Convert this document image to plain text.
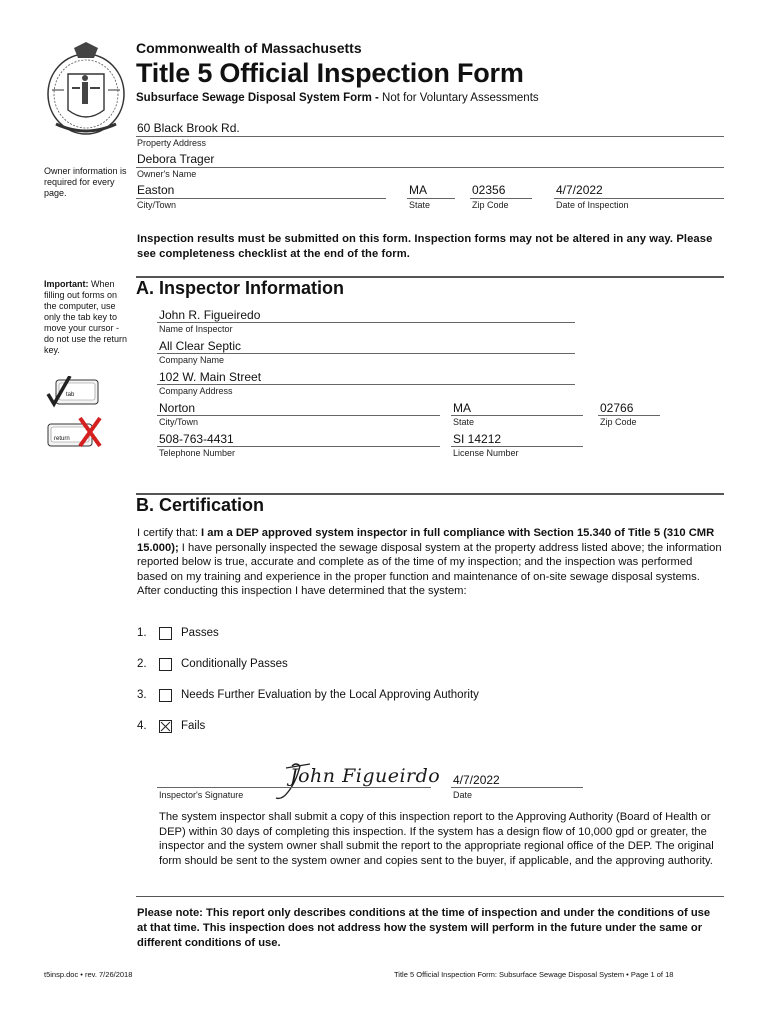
Commonwealth of Massachusetts
Title 5 Official Inspection Form
Subsurface Sewage Disposal System Form - Not for Voluntary Assessments
60 Black Brook Rd.
Property Address
Debora Trager
Owner's Name
Owner information is required for every page.	Easton
City/Town
MA
State
02356
Zip Code
4/7/2022
Date of Inspection
Inspection results must be submitted on this form. Inspection forms may not be altered in any way. Please see completeness checklist at the end of the form.
Important: When filling out forms on the computer, use only the tab key to move your cursor - do not use the return key.
tab
return
A. Inspector Information
John R. Figueiredo
Name of Inspector
All Clear Septic
Company Name
102 W. Main Street
Company Address
Norton
City/Town
MA
State
02766
Zip Code
508-763-4431
Telephone Number
SI 14212
License Number
B. Certification
I certify that: I am a DEP approved system inspector in full compliance with Section 15.340 of Title 5 (310 CMR 15.000); I have personally inspected the sewage disposal system at the property address listed above; the information reported below is true, accurate and complete as of the time of my inspection; and the inspection was performed based on my training and experience in the proper function and maintenance of on-site sewage disposal systems. After conducting this inspection I have determined that the system:
1.	Passes
2.	Conditionally Passes
3.	Needs Further Evaluation by the Local Approving Authority
4.	Fails
John Figueirdo
Inspector's Signature
4/7/2022
Date
The system inspector shall submit a copy of this inspection report to the Approving Authority (Board of Health or DEP) within 30 days of completing this inspection. If the system has a design flow of 10,000 gpd or greater, the inspector and the system owner shall submit the report to the appropriate regional office of the DEP. The original form should be sent to the system owner and copies sent to the buyer, if applicable, and the approving authority.
Please note: This report only describes conditions at the time of inspection and under the conditions of use at that time. This inspection does not address how the system will perform in the future under the same or different conditions of use.
t5insp.doc • rev. 7/26/2018	Title 5 Official Inspection Form: Subsurface Sewage Disposal System • Page 1 of 18
